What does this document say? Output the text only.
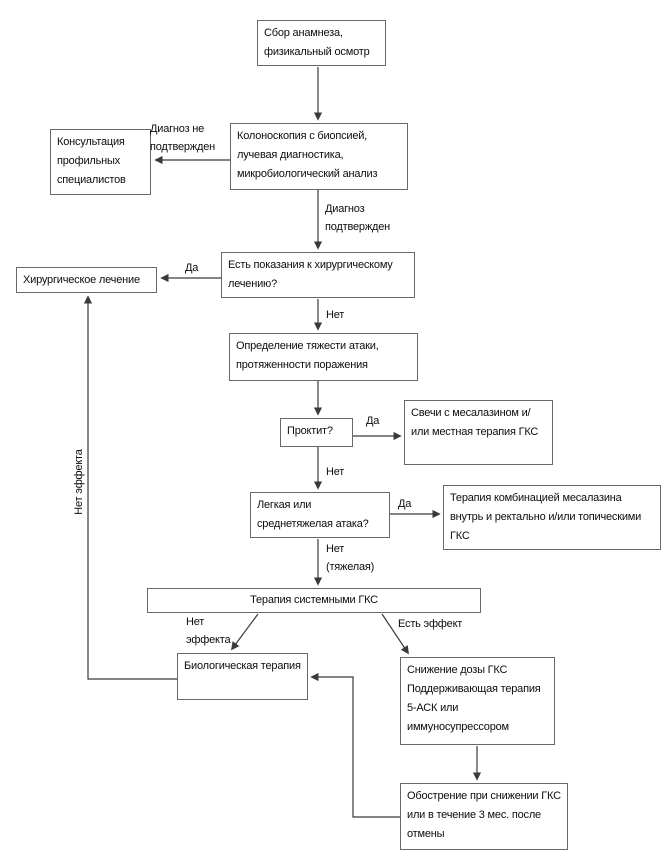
Сбор анамнеза, физикальный осмотр
Колоноскопия с биопсией, лучевая диагностика, микробиологический анализ
Консультация профильных специалистов
Есть показания к хирургическому лечению?
Хирургическое лечение
Определение тяжести атаки, протяженности поражения
Проктит?
Свечи с месалазином и/или местная терапия ГКС
Легкая или среднетяжелая атака?
Терапия комбинацией месалазина внутрь и ректально и/или топическими ГКС
Терапия системными ГКС
Биологическая терапия	Снижение дозы ГКС Поддерживающая терапия 5-АСК или иммуносупрессором
Обострение при снижении ГКС или в течение 3 мес. после отмены
Диагноз не подтвержден
Диагноз подтвержден
Да
Нет
Да
Нет
Да
Нет (тяжелая)
Нет эффекта
Есть эффект
Нет эффекта
